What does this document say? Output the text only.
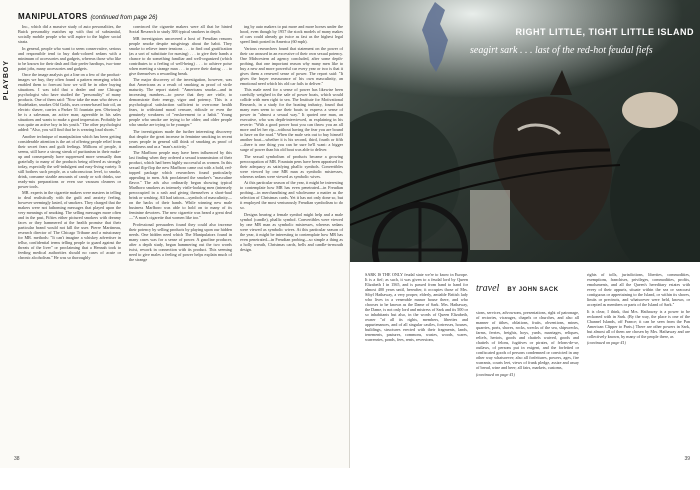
PLAYBOY
MANIPULATORS (continued from page 26)

Inc., which did a massive study of auto personalities, the Buick personality matches up with that of substantial, socially mobile people who will aspire to the higher social strata.

In general, people who want to seem conservative, serious and responsible tend to buy dark-colored sedans with a minimum of accessories and gadgets, whereas those who like to be known for their dash and flair prefer hardtops, two-tone paint jobs, many accessories and gadgets.

Once the image analysts got a line on a few of the product-images we buy, they often found a pattern emerging which enabled them to forecast how we will be in other buying situations. I was told that a dealer and one Chicago psychologist who have studied the "personality" of many products. One of them said: "Now take the man who drives a Studebaker, smokes Old Golds, uses cream-based hair oil, an electric shaver, carries a Parker 51 fountain pen. Obviously he is a salesman, an active man; agreeable in his sales situations and wants to make a good impression. Probably he was quite an active boy in his youth." The other psychologist added: "Also, you will find that he is wearing loud shorts."

Another technique of manipulation which has been getting considerable attention is the art of offering people relief from their secret fears and guilt feelings. Millions of people, it seems, still have a strong streak of puritanism in their make-up and consequently have suppressed more sensually than gratefully to many of the products being offered as strongly today, especially the self-indulgent and easy-living variety. It still bothers such people, as a subconscious level, to smoke, drink, consume sizable amounts of candy or soft drinks, use ready-mix preparations or even use vacuum cleaners or power tools.

MR. experts in the cigarette makers were masters in telling to deal realistically with the guilt and anxiety feeling, however seemingly lasted, of smokers. They charged that the makers were not fathoming messages that played upon the very meanings of smoking. The selling messages more often and in the past, Fifties either pictured smokers with dreamy faces or they hammered at the health promise that their particular brand would not kill the user. Pierre Martineau, research director of The Chicago Tribune and a missionary for MR. methods: "It can't imagine a whiskey advertiser in tellur, confidential terms telling people to guard against the threats of the liver" or proclaiming that a Hennah took to feeding medical authorities should no cases of acute or chronic alcoholism." He was so thoroughly

convinced the cigarette makers were all that he hinted Social Research to study 388 typical smokers in depth.

MR investigators uncovered a host of Freudian reasons people smoke despite misgivings about the habit. They smoke to relieve inner tensions . . . to find oral gratification (as a sort of substitute for nursing) . . . to give their hands a chance to do something familiar and well-organized (which contributes to a feeling of well-being) . . . to achieve poise when meeting a strange man . . . to prove their daring . . . to give themselves a rewarding break.

The major discovery of the investigation, however, was that Americans as a result of smoking as proof of virile maturity. The report stated: "Americans smoke—and in increasing numbers—to prove that they are virile, to demonstrate their energy, vigor and potency. This is a psychological satisfaction sufficient to overcome health fears, to withstand moral censure, ridicule or even the genuinely weakness of "enslavement to a habit." Young people who smoke are trying to be older; and older people who smoke are trying to be younger."

The investigators made the further interesting discovery that despite the great increase in feminine smoking in recent years people in general still think of smoking as proof of manliness and as a "man's activity."

The Marlboro people may have been influenced by this last finding when they ordered a sexual transmission of their product, which had been highly successful as women. In this sexual flip-flop the new Marlboro came out with a bold, red-topped package which researchers found particularly appealing to men. Ads proclaimed the smoker's "masculine flavor." The ads also ordinarily began showing typical Marlboro smokers as intensely virile-looking men (intensely preoccupied in a rash and giving themselves a short-haul brink or washing. All had tattoos—symbols of masculinity—on the backs of their hands. While winning new male business Marlboro was able to hold on to many of its feminine devotees. The new cigarette was heard a great deal—"A man's cigarette that women like too."

Professional persuaders found they could also increase their potency by selling products by playing upon our hidden needs. One hidden need which The Manipulators found in many cases was for a sense of power. A gasoline producer, after a depth study, began hammering out the two words twist, rework in connection with its product. This seeming need to give males a feeling of power helps explain much of the strange

ing by auto makers to put more and more horses under the hood, even though by 1957 the stock models of many makes of cars could already go twice as fast as the highest legal speed limit posted in America (60 mph).

Various researchers found that statement on the power of their car aroused in an excessive of their own sexual potency. One Midwestern ad agency concluded, after some depth-probing, that one important reason why many men like to buy a new and more powerful car every year or two is that it gives them a renewed sense of power. The report said: "It gives the buyer reassurance of his own masculinity, an emotional need which his old car fails to deliver."

This male need for a sense of power has likewise been carefully weighed in the sale of power boats, which would collide with men right to sea. The Institute for Motivational Research, in a study for the boating industry, found that many men seem to use their boats to express a sense of power in "almost a sexual way." It quoted one man, an executive, who was depth-interviewed, as explaining in his reverie: "With a good power boat you can throw you an all more and let her rip—without having the fear you are bound to have on the road." When the male sets out to buy himself another boat—whether it is his second, third, fourth or fifth—there is one thing you can be sure he'll want: a bigger surge of power than his old boat was able to deliver.

The sexual symbolism of products became a growing preoccupation of MR. Fountain pens have been appraised for their adequacy as satisfying phallic symbols. Convertibles were viewed by one MR man as symbolic mistresses, whereas sedans were viewed as symbolic wives.

At this particular season of the year, it might be interesting to contemplate how MR has even penetrated—in Freudian probing—in merchandising and wholesome a matter as the selection of Christmas cards. Yet it has not only done so, but it employed the most venturously Freudian symbolism to do so.

Designs bearing a female symbol might help and a male symbol (candle), phallic symbol. Convertibles were viewed by one MR man as symbolic mistresses, whereas sedans were viewed as symbolic wives. At this particular season of the year, it might be interesting to contemplate how MR has even penetrated—in Freudian probing—so simple a thing as a holly wreath, Christmas cards, bells and candle-in-mouth design.

38
RIGHT LITTLE, TIGHT LITTLE ISLAND
seagirt sark . . . last of the red-hot feudal fiefs

SARK IS THE ONLY feudal state we're to know in Europe. It is a fief; as such, it was given to a feudal lord by Queen Elizabeth I in 1565, and is passed from hand to hand for almost 400 years until, hereafter, it occupies those of Mrs. Sibyl Hathaway, a very proper, elderly, amiable British lady who lives in a venerable manor house there, and who chooses to be known as the Dame of Sark. Mrs. Hathaway, the Dame, is not only lord and mistress of Sark and its 500 or so inhabitants but also, in the words of Queen Elizabeth, owner "of all its rights, members, liberties and appurtenances, and of all singular castles, fortresses, houses, buildings, structures erected with their fragments, lands, tenements, pastures, commons, wastes, woods, wares, warrenries, ponds, fees, rents, reversions,

travel BY JOHN SACK

sions, services, advowsons, presentations, right of patronage, of rectories, vicarages, chapels or churches, and also all manner of tithes, oblations, fruits, obventions, mines, quarries, ports, shores, rocks, wrecks of the sea, shipwrecks, farms, ferries, freights, hoys, yards, marriages, reliques, reliefs, heriots, goods and chattels waived, goods and chattels of felons, fugitives or pirates, of felons-de-se, outlaws, of persons put in exigent, and the forfeited or confiscated goods of persons condemned or convicted in any other way whatsoever; also all forfeitures, powers, ages, fire warrants, courts leet, views of frank pledge, assize and assay of bread, wine and beer; all fairs, markets, customs,

(continued on page 41)

rights of tolls, jurisdictions, liberties, commodities, exemptions, franchises, privileges, commodities, profits, emoluments, and all the Queen's hereditary estates with every of their appurts, situate within the sea or seacoast contiguous or appertaining to the Island, or within its shores, limits or precincts, and whatsoever were held, known, or accepted as members or parts of the Island of Sark."

It is clear, I think, that Mrs. Hathaway is a power to be reckoned with in Sark. (By the way, the place is one of the Channel Islands, off France; it can be seen from the Pan American Clipper to Paris.) There are other powers in Sark, but almost all of them are chosen by Mrs. Hathaway and are collectively known, by many of the people there, as

(continued on page 41)

39
